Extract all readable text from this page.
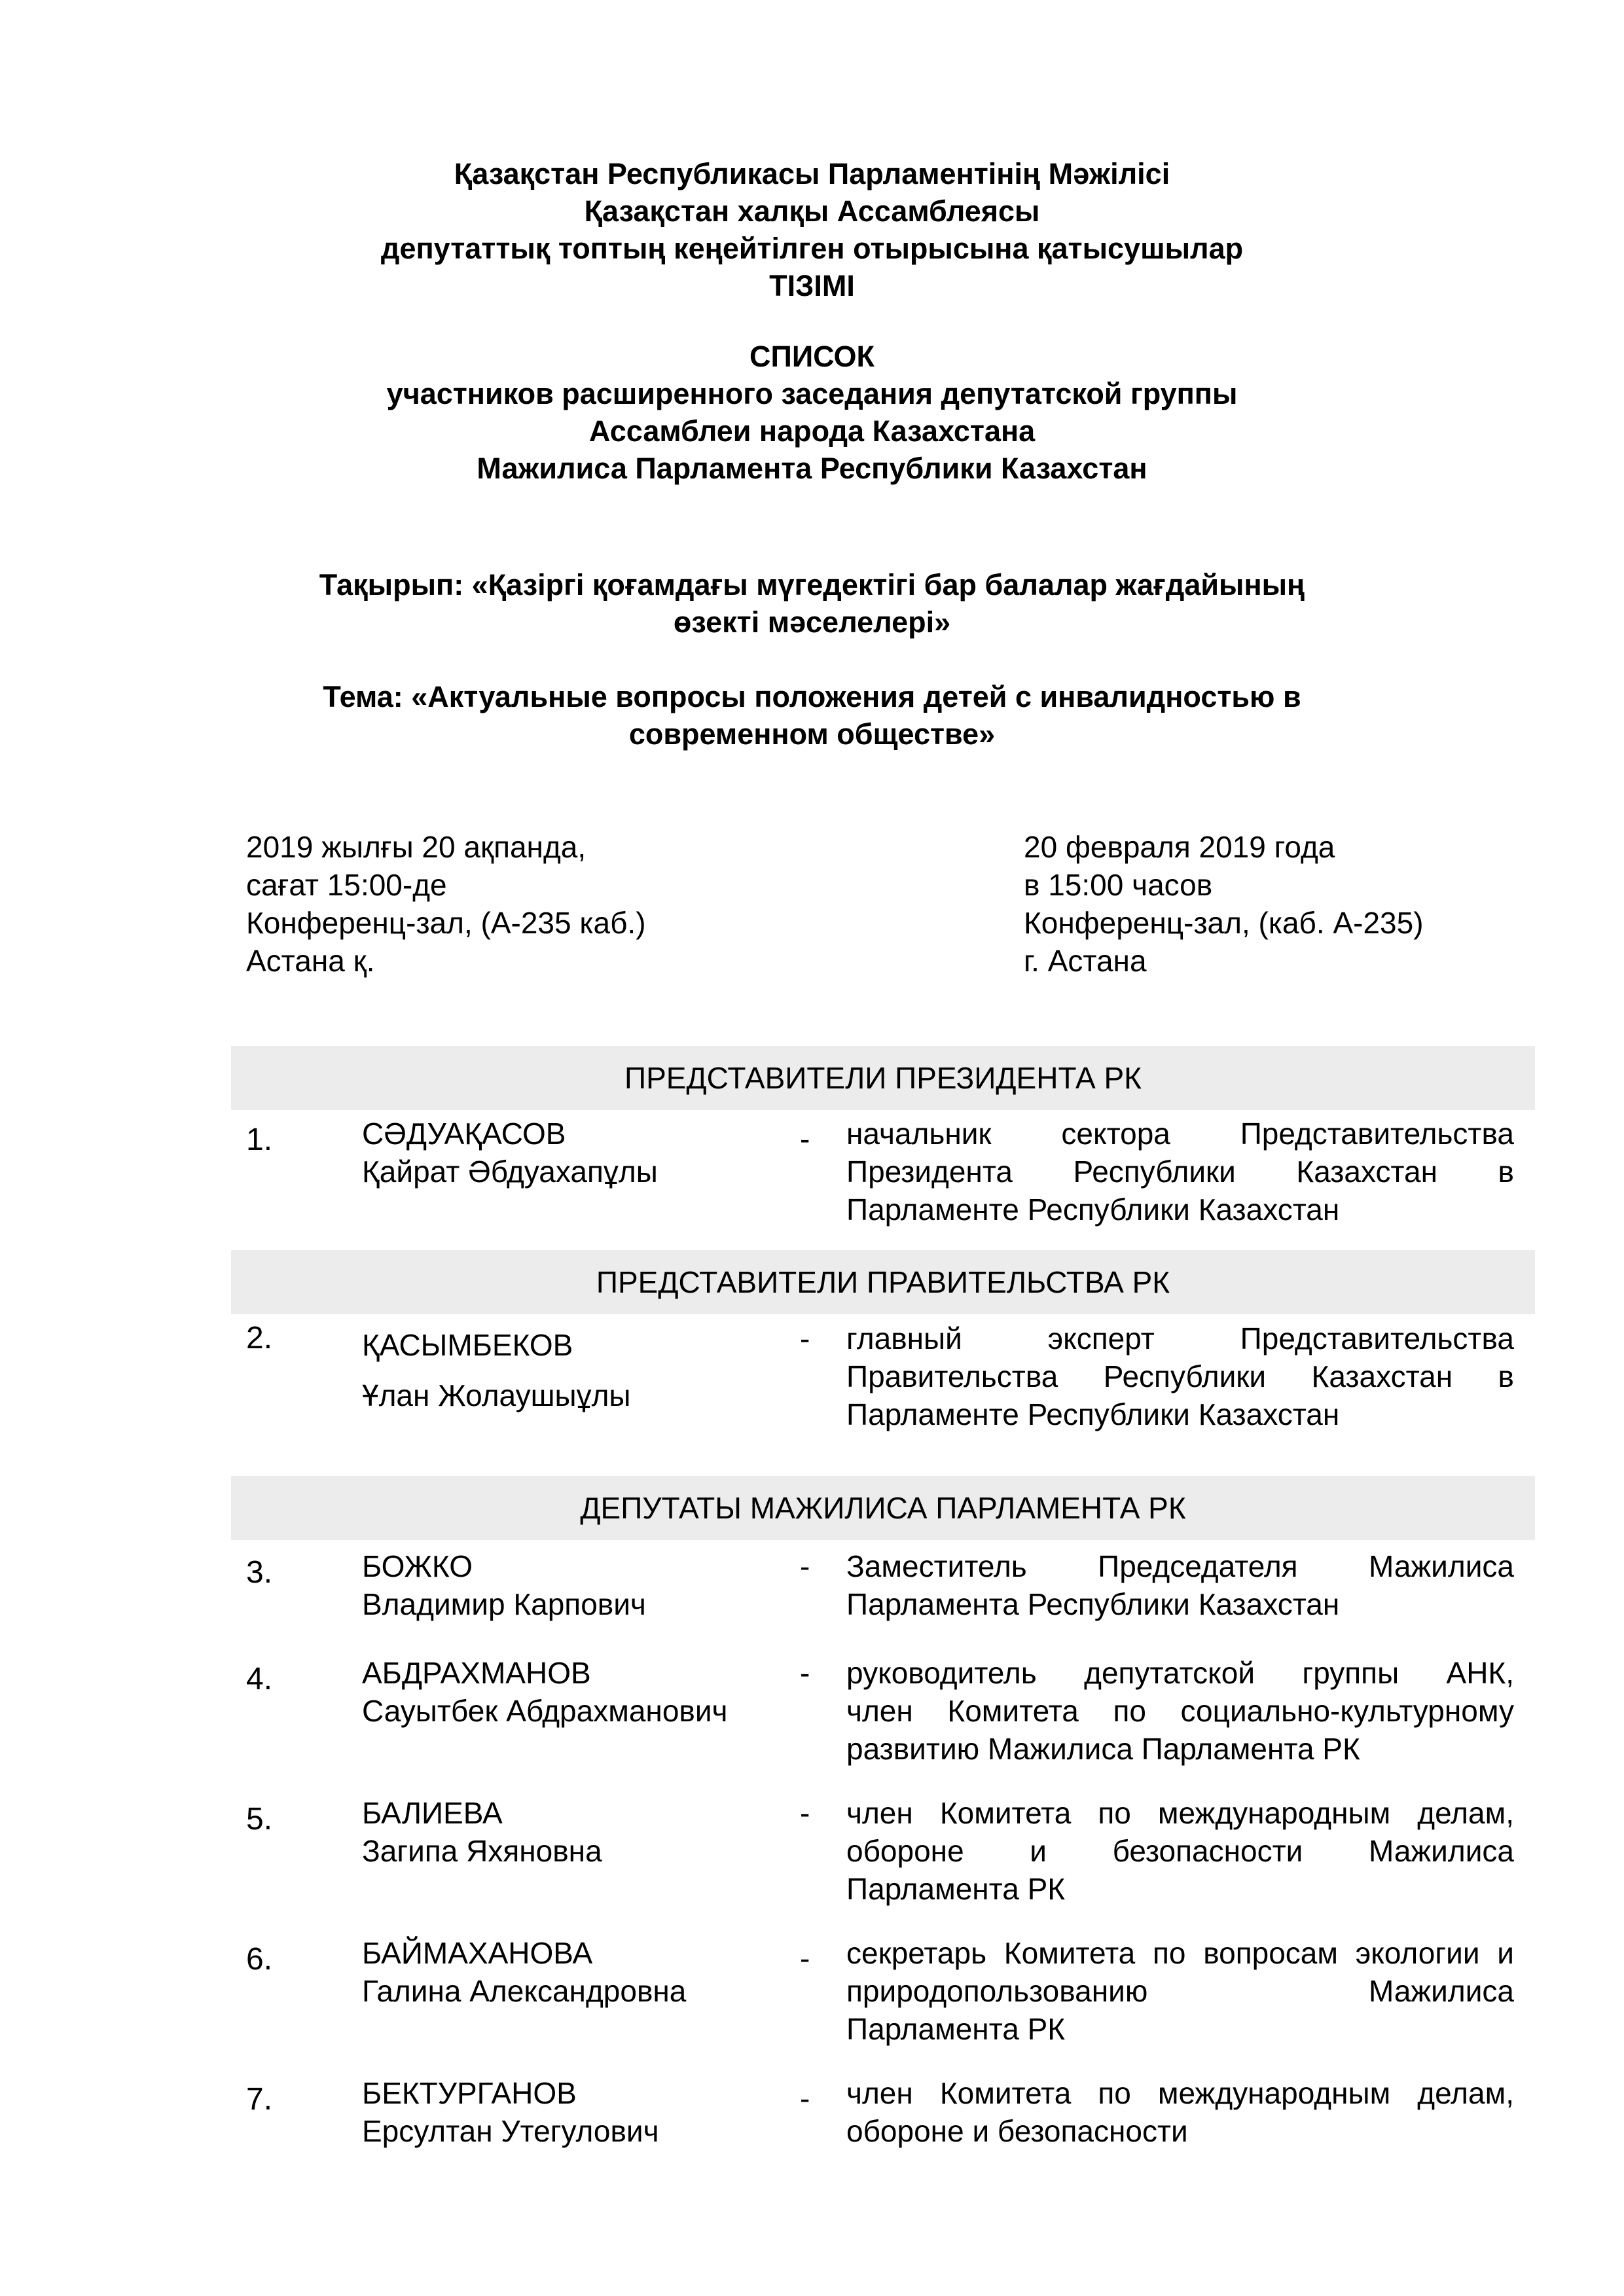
Қазақстан Республикасы Парламентінің Мәжілісі
Қазақстан халқы Ассамблеясы
депутаттық топтың кеңейтілген отырысына қатысушылар
ТІЗІМІ
СПИСОК
участников расширенного заседания депутатской группы
Ассамблеи народа Казахстана
Мажилиса Парламента Республики Казахстан
Тақырып: «Қазіргі қоғамдағы мүгедектігі бар балалар жағдайының
өзекті мәселелері»
Тема: «Актуальные вопросы положения детей с инвалидностью в
современном обществе»
2019 жылғы 20 ақпанда,
сағат 15:00-де
Конференц-зал, (А-235 каб.)
Астана қ.
20 февраля 2019 года
в 15:00 часов
Конференц-зал, (каб. А-235)
г. Астана
ПРЕДСТАВИТЕЛИ ПРЕЗИДЕНТА РК
1.	СӘДУАҚАСОВ
Қайрат Әбдуахапұлы
- начальник сектора Представительства
Президента Республики Казахстан в
Парламенте Республики Казахстан
ПРЕДСТАВИТЕЛИ ПРАВИТЕЛЬСТВА РК
2.	ҚАСЫМБЕКОВ
Ұлан Жолаушыұлы
- главный эксперт Представительства
Правительства Республики Казахстан в
Парламенте Республики Казахстан
ДЕПУТАТЫ МАЖИЛИСА ПАРЛАМЕНТА РК
3.	БОЖКО
Владимир Карпович
- Заместитель Председателя Мажилиса
Парламента Республики Казахстан
4.	АБДРАХМАНОВ
Сауытбек Абдрахманович
- руководитель депутатской группы АНК,
член Комитета по социально-культурному
развитию Мажилиса Парламента РК
5.	БАЛИЕВА
Загипа Яхяновна
- член Комитета по международным делам,
обороне и безопасности Мажилиса
Парламента РК
6.	БАЙМАХАНОВА
Галина Александровна
- секретарь Комитета по вопросам экологии и
природопользованию Мажилиса
Парламента РК
7.	БЕКТУРГАНОВ
Ерсултан Утегулович
- член Комитета по международным делам,
обороне и безопасности
